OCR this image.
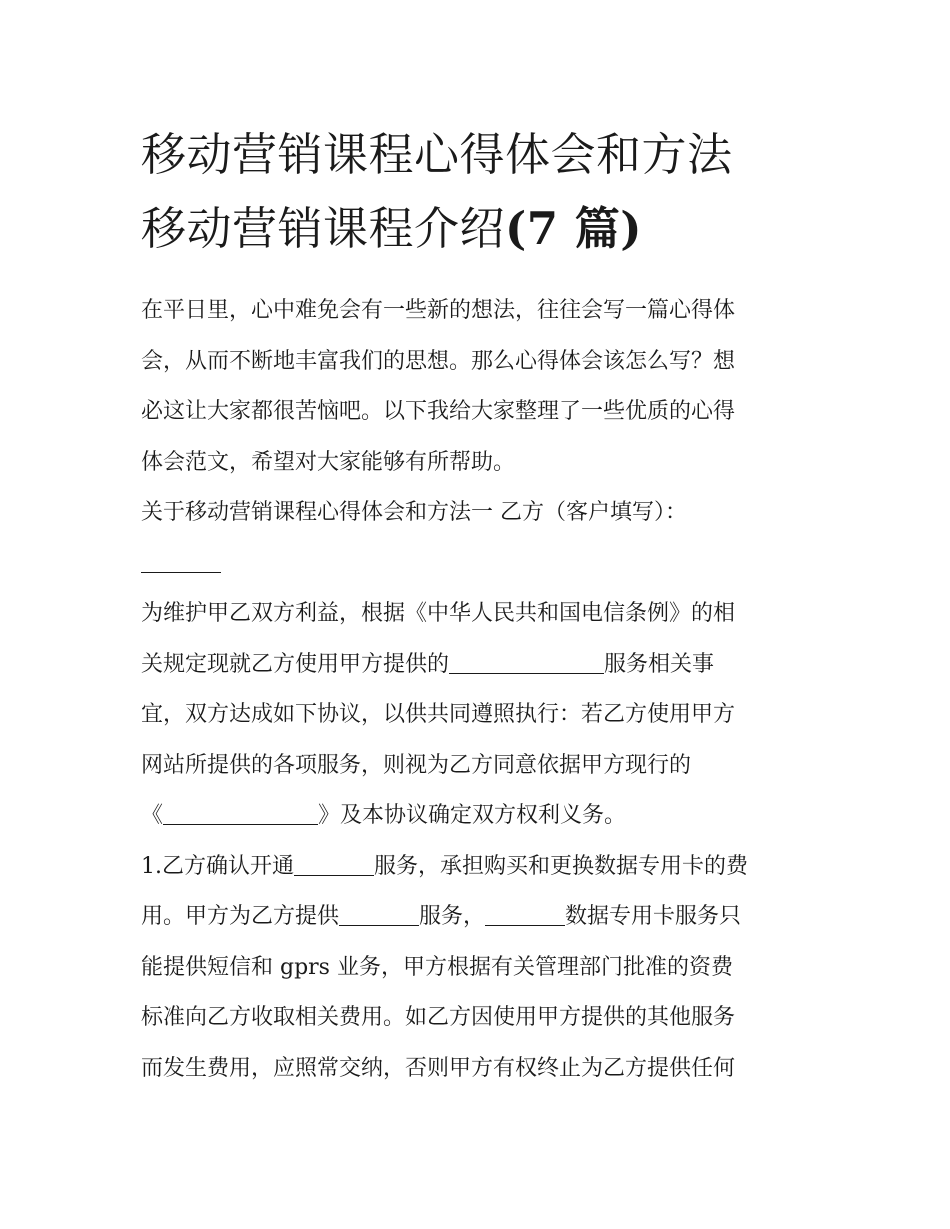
移动营销课程心得体会和方法
移动营销课程介绍(7 篇)
在平日里，心中难免会有一些新的想法，往往会写一篇心得体
会，从而不断地丰富我们的思想。那么心得体会该怎么写？想
必这让大家都很苦恼吧。以下我给大家整理了一些优质的心得
体会范文，希望对大家能够有所帮助。
关于移动营销课程心得体会和方法一 乙方（客户填写）：
为维护甲乙双方利益，根据《中华人民共和国电信条例》的相
关规定现就乙方使用甲方提供的	服务相关事
宜，双方达成如下协议，以供共同遵照执行：若乙方使用甲方
网站所提供的各项服务，则视为乙方同意依据甲方现行的
《	》及本协议确定双方权利义务。
1.乙方确认开通	服务，承担购买和更换数据专用卡的费
用。甲方为乙方提供	服务，	数据专用卡服务只
能提供短信和 gprs 业务，甲方根据有关管理部门批准的资费
标准向乙方收取相关费用。如乙方因使用甲方提供的其他服务
而发生费用，应照常交纳，否则甲方有权终止为乙方提供任何
